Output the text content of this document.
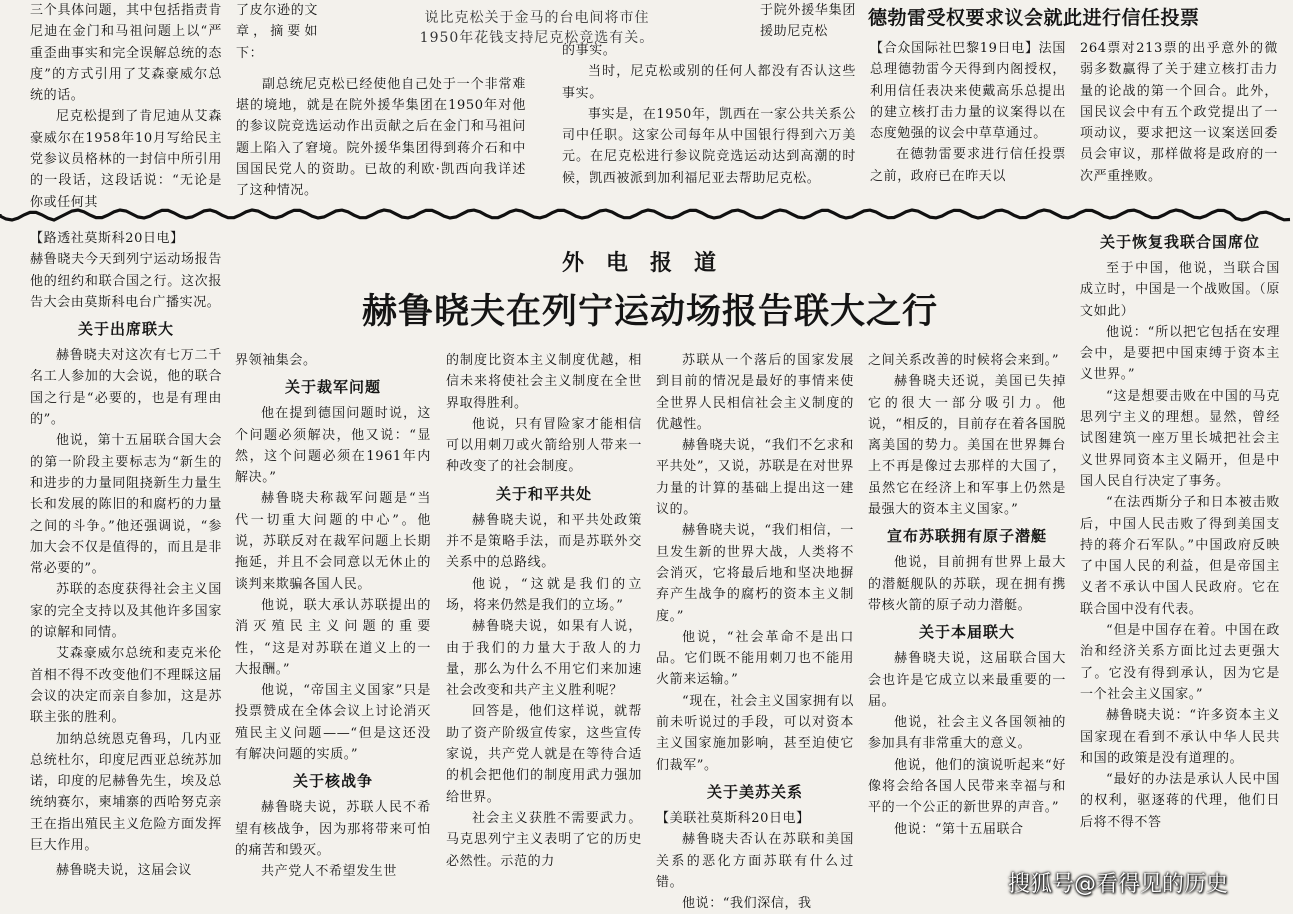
说比克松关于金马的台电间将市住
1950年花钱支持尼克松竞选有关。
德勃雷受权要求议会就此进行信任投票

三个具体问题，其中包括指责肯尼迪在金门和马祖问题上以“严重歪曲事实和完全误解总统的态度”的方式引用了艾森豪威尔总统的话。

尼克松提到了肯尼迪从艾森豪威尔在1958年10月写给民主党参议员格林的一封信中所引用的一段话，这段话说：“无论是你或任何其

了皮尔逊的文章，摘要如下：

副总统尼克松已经使他自己处于一个非常难堪的境地，就是在院外援华集团在1950年对他的参议院竞选运动作出贡献之后在金门和马祖问题上陷入了窘境。院外援华集团得到蒋介石和中国国民党人的资助。已故的利欧·凯西向我详述了这种情况。

的事实。

当时，尼克松或别的任何人都没有否认这些事实。

事实是，在1950年，凯西在一家公共关系公司中任职。这家公司每年从中国银行得到六万美元。在尼克松进行参议院竞选运动达到高潮的时候，凯西被派到加利福尼亚去帮助尼克松。

于院外援华集团援助尼克松

【合众国际社巴黎19日电】法国总理德勃雷今天得到内阁授权，利用信任表决来使戴高乐总提出的建立核打击力量的议案得以在态度勉强的议会中草草通过。

在德勃雷要求进行信任投票之前，政府已在昨天以

264票对213票的出乎意外的微弱多数赢得了关于建立核打击力量的论战的第一个回合。此外，国民议会中有五个政党提出了一项动议，要求把这一议案送回委员会审议，那样做将是政府的一次严重挫败。

外电报道
赫鲁晓夫在列宁运动场报告联大之行

【路透社莫斯科20日电】

赫鲁晓夫今天到列宁运动场报告他的纽约和联合国之行。这次报告大会由莫斯科电台广播实况。

关于出席联大

赫鲁晓夫对这次有七万二千名工人参加的大会说，他的联合国之行是“必要的，也是有理由的”。

他说，第十五届联合国大会的第一阶段主要标志为“新生的和进步的力量同阻挠新生力量生长和发展的陈旧的和腐朽的力量之间的斗争。”他还强调说，“参加大会不仅是值得的，而且是非常必要的”。

苏联的态度获得社会主义国家的完全支持以及其他许多国家的谅解和同情。

艾森豪威尔总统和麦克米伦首相不得不改变他们不理睬这届会议的决定而亲自参加，这是苏联主张的胜利。

加纳总统恩克鲁玛，几内亚总统杜尔，印度尼西亚总统苏加诺，印度的尼赫鲁先生，埃及总统纳赛尔，柬埔寨的西哈努克亲王在指出殖民主义危险方面发挥巨大作用。

赫鲁晓夫说，这届会议

界领袖集会。

关于裁军问题

他在提到德国问题时说，这个问题必须解决，他又说：“显然，这个问题必须在1961年内解决。”

赫鲁晓夫称裁军问题是“当代一切重大问题的中心”。他说，苏联反对在裁军问题上长期拖延，并且不会同意以无休止的谈判来欺骗各国人民。

他说，联大承认苏联提出的消灭殖民主义问题的重要性，“这是对苏联在道义上的一大报酬。”

他说，“帝国主义国家”只是投票赞成在全体会议上讨论消灭殖民主义问题——“但是这还没有解决问题的实质。”

关于核战争

赫鲁晓夫说，苏联人民不希望有核战争，因为那将带来可怕的痛苦和毁灭。

共产党人不希望发生世

的制度比资本主义制度优越，相信未来将使社会主义制度在全世界取得胜利。

他说，只有冒险家才能相信可以用刺刀或火箭给别人带来一种改变了的社会制度。

关于和平共处

赫鲁晓夫说，和平共处政策并不是策略手法，而是苏联外交关系中的总路线。

他说，“这就是我们的立场，将来仍然是我们的立场。”

赫鲁晓夫说，如果有人说，由于我们的力量大于敌人的力量，那么为什么不用它们来加速社会改变和共产主义胜利呢？

回答是，他们这样说，就帮助了资产阶级宣传家，这些宣传家说，共产党人就是在等待合适的机会把他们的制度用武力强加给世界。

社会主义获胜不需要武力。马克思列宁主义表明了它的历史必然性。示范的力

苏联从一个落后的国家发展到目前的情况是最好的事情来使全世界人民相信社会主义制度的优越性。

赫鲁晓夫说，“我们不乞求和平共处”，又说，苏联是在对世界力量的计算的基础上提出这一建议的。

赫鲁晓夫说，“我们相信，一旦发生新的世界大战，人类将不会消灭，它将最后地和坚决地摒弃产生战争的腐朽的资本主义制度。”

他说，“社会革命不是出口品。它们既不能用刺刀也不能用火箭来运输。”

“现在，社会主义国家拥有以前未听说过的手段，可以对资本主义国家施加影响，甚至迫使它们裁军”。

关于美苏关系

【美联社莫斯科20日电】

赫鲁晓夫否认在苏联和美国关系的恶化方面苏联有什么过错。

他说：“我们深信，我

之间关系改善的时候将会来到。”

赫鲁晓夫还说，美国已失掉它的很大一部分吸引力。他说，“相反的，目前存在着各国脱离美国的势力。美国在世界舞台上不再是像过去那样的大国了，虽然它在经济上和军事上仍然是最强大的资本主义国家。”

宣布苏联拥有原子潜艇

他说，目前拥有世界上最大的潜艇舰队的苏联，现在拥有携带核火箭的原子动力潜艇。

关于本届联大

赫鲁晓夫说，这届联合国大会也许是它成立以来最重要的一届。

他说，社会主义各国领袖的参加具有非常重大的意义。

他说，他们的演说听起来“好像将会给各国人民带来幸福与和平的一个公正的新世界的声音。”

他说：“第十五届联合

关于恢复我联合国席位

至于中国，他说，当联合国成立时，中国是一个战败国。（原文如此）

他说：“所以把它包括在安理会中，是要把中国束缚于资本主义世界。”

“这是想要击败在中国的马克思列宁主义的理想。显然，曾经试图建筑一座万里长城把社会主义世界同资本主义隔开，但是中国人民自行决定了事务。

“在法西斯分子和日本被击败后，中国人民击败了得到美国支持的蒋介石军队。”中国政府反映了中国人民的利益，但是帝国主义者不承认中国人民政府。它在联合国中没有代表。

“但是中国存在着。中国在政治和经济关系方面比过去更强大了。它没有得到承认，因为它是一个社会主义国家。”

赫鲁晓夫说：“许多资本主义国家现在看到不承认中华人民共和国的政策是没有道理的。

“最好的办法是承认人民中国的权利，驱逐蒋的代理，他们日后将不得不答

搜狐号@看得见的历史
